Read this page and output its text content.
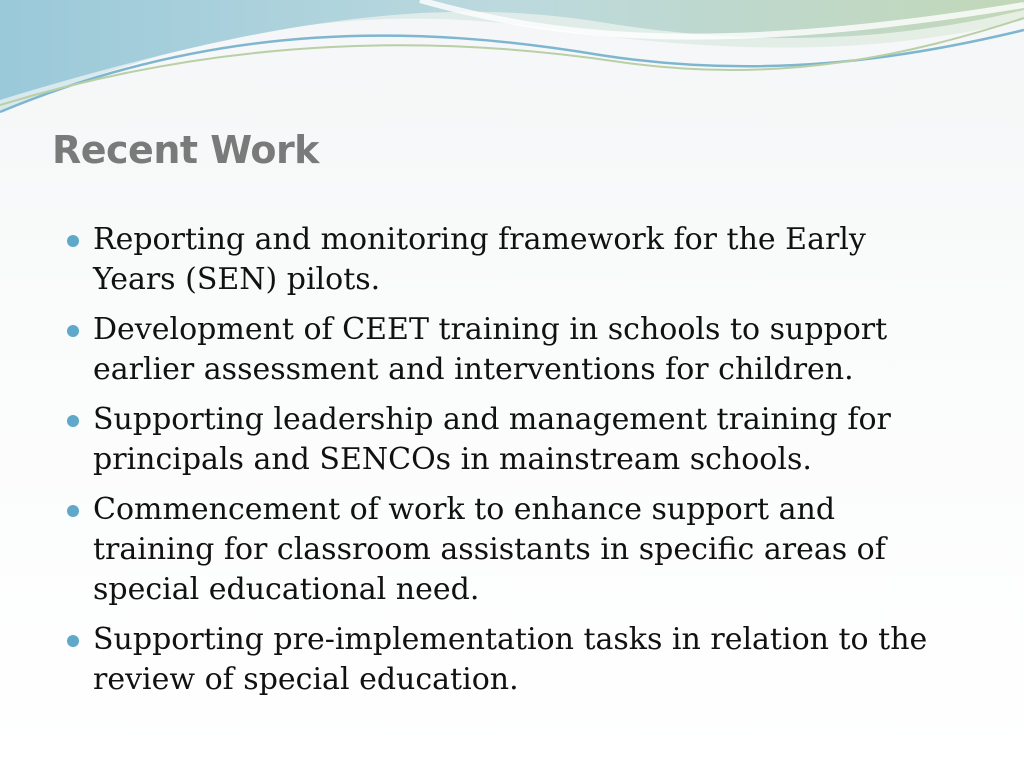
Recent Work
Reporting and monitoring framework for the Early Years (SEN) pilots.
Development of CEET training in schools to support earlier assessment and interventions for children.
Supporting leadership and management training for principals and SENCOs in mainstream schools.
Commencement of work to enhance support and training for classroom assistants in specific areas of special educational need.
Supporting pre-implementation tasks in relation to the review of special education.
